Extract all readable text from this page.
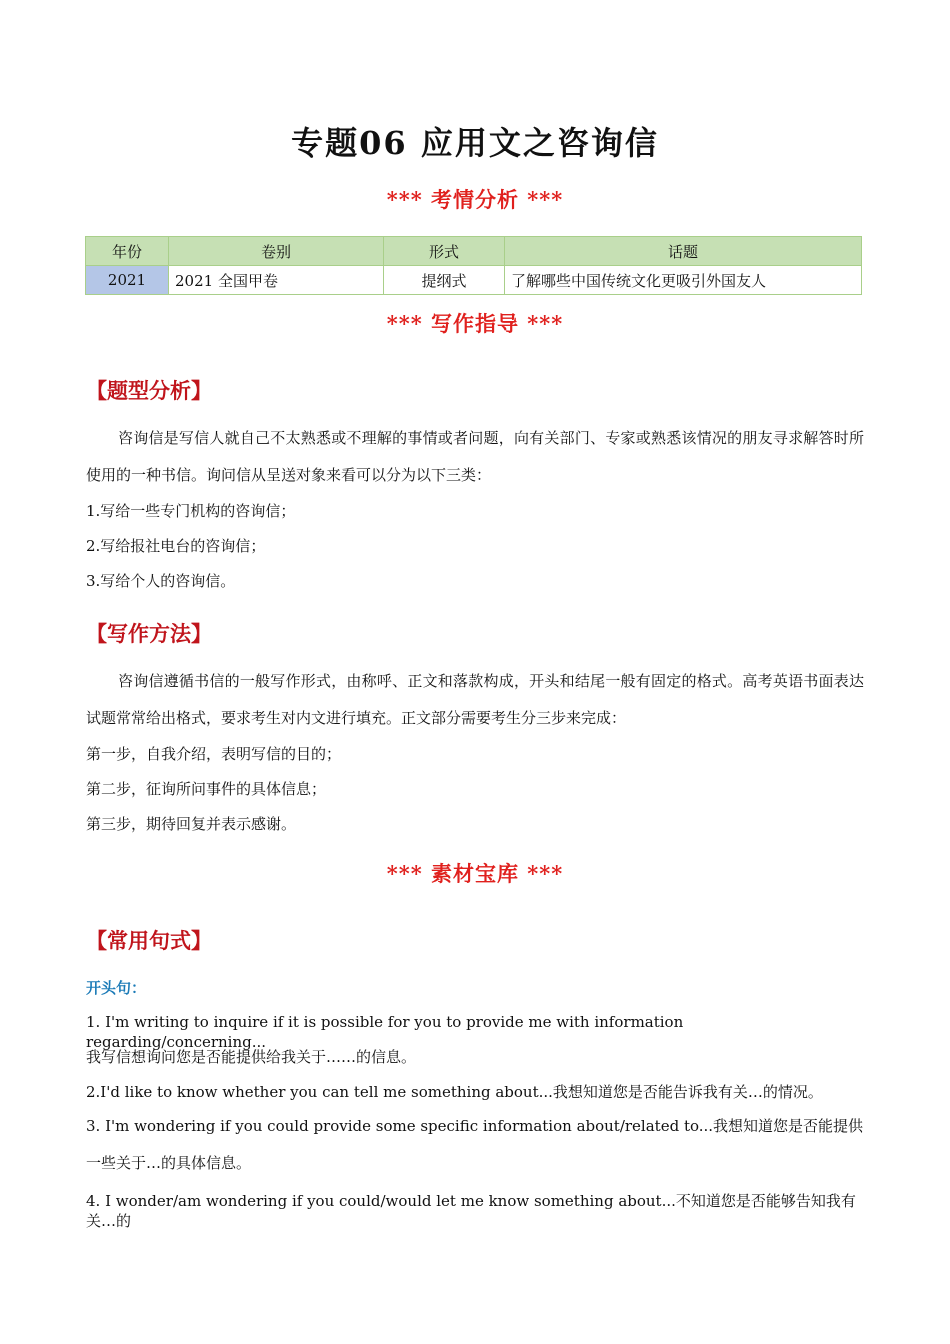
专题06 应用文之咨询信
*** 考情分析 ***
年份	卷别	形式	话题
2021	2021 全国甲卷	提纲式	了解哪些中国传统文化更吸引外国友人
*** 写作指导 ***
【题型分析】
咨询信是写信人就自己不太熟悉或不理解的事情或者问题，向有关部门、专家或熟悉该情况的朋友寻求解答时所使用的一种书信。询问信从呈送对象来看可以分为以下三类：
1.写给一些专门机构的咨询信；
2.写给报社电台的咨询信；
3.写给个人的咨询信。
【写作方法】
咨询信遵循书信的一般写作形式，由称呼、正文和落款构成，开头和结尾一般有固定的格式。高考英语书面表达试题常常给出格式，要求考生对内文进行填充。正文部分需要考生分三步来完成：
第一步，自我介绍，表明写信的目的；
第二步，征询所问事件的具体信息；
第三步，期待回复并表示感谢。
*** 素材宝库 ***
【常用句式】
开头句：
1. I'm writing to inquire if it is possible for you to provide me with information regarding/concerning...
我写信想询问您是否能提供给我关于……的信息。
2.I'd like to know whether you can tell me something about...我想知道您是否能告诉我有关…的情况。
3. I'm wondering if you could provide some specific information about/related to...我想知道您是否能提供一些关于…的具体信息。
4. I wonder/am wondering if you could/would let me know something about...不知道您是否能够告知我有关…的
